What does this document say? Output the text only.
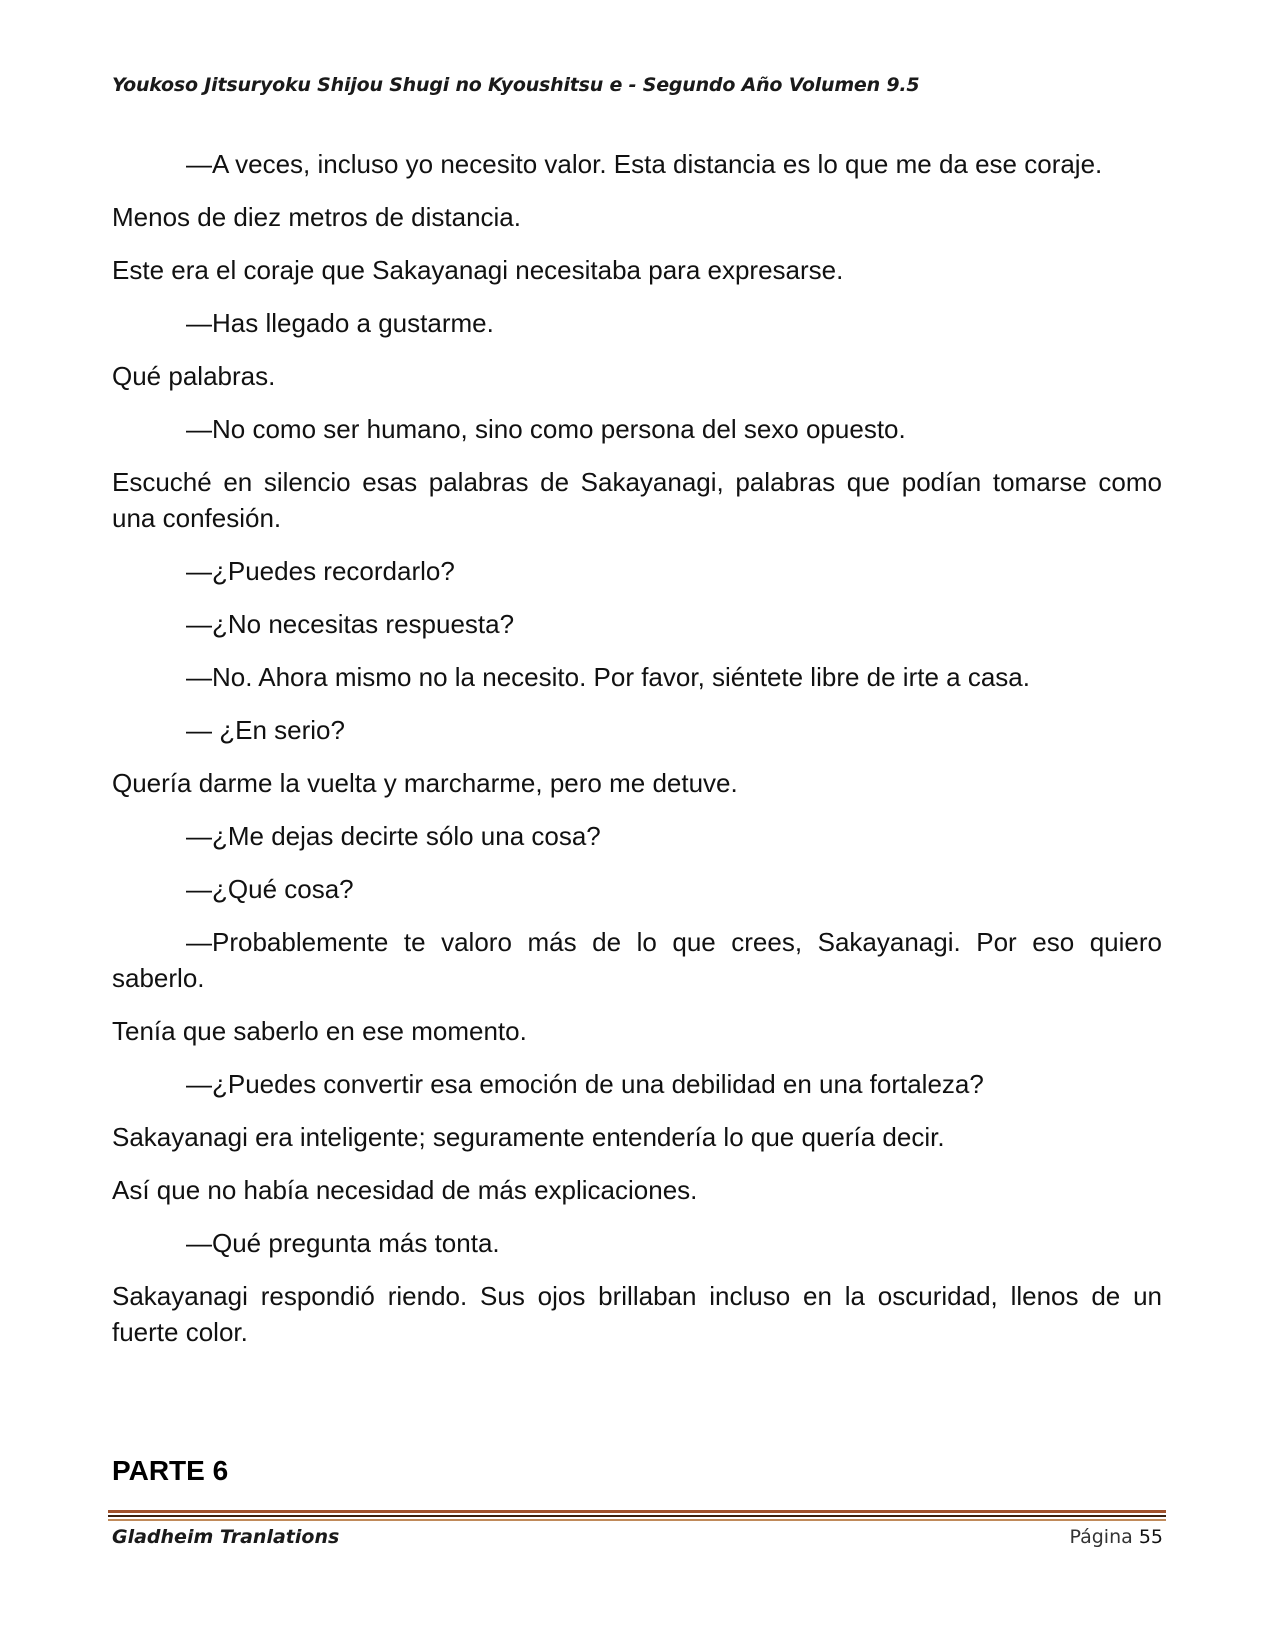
Youkoso Jitsuryoku Shijou Shugi no Kyoushitsu e - Segundo Año Volumen 9.5

—A veces, incluso yo necesito valor. Esta distancia es lo que me da ese coraje.

Menos de diez metros de distancia.

Este era el coraje que Sakayanagi necesitaba para expresarse.

—Has llegado a gustarme.

Qué palabras.

—No como ser humano, sino como persona del sexo opuesto.

Escuché en silencio esas palabras de Sakayanagi, palabras que podían tomarse como una confesión.

—¿Puedes recordarlo?

—¿No necesitas respuesta?

—No. Ahora mismo no la necesito. Por favor, siéntete libre de irte a casa.

— ¿En serio?

Quería darme la vuelta y marcharme, pero me detuve.

—¿Me dejas decirte sólo una cosa?

—¿Qué cosa?

—Probablemente te valoro más de lo que crees, Sakayanagi. Por eso quiero saberlo.

Tenía que saberlo en ese momento.

—¿Puedes convertir esa emoción de una debilidad en una fortaleza?

Sakayanagi era inteligente; seguramente entendería lo que quería decir.

Así que no había necesidad de más explicaciones.

—Qué pregunta más tonta.

Sakayanagi respondió riendo. Sus ojos brillaban incluso en la oscuridad, llenos de un fuerte color.

PARTE 6
Gladheim Tranlations	Página 55
